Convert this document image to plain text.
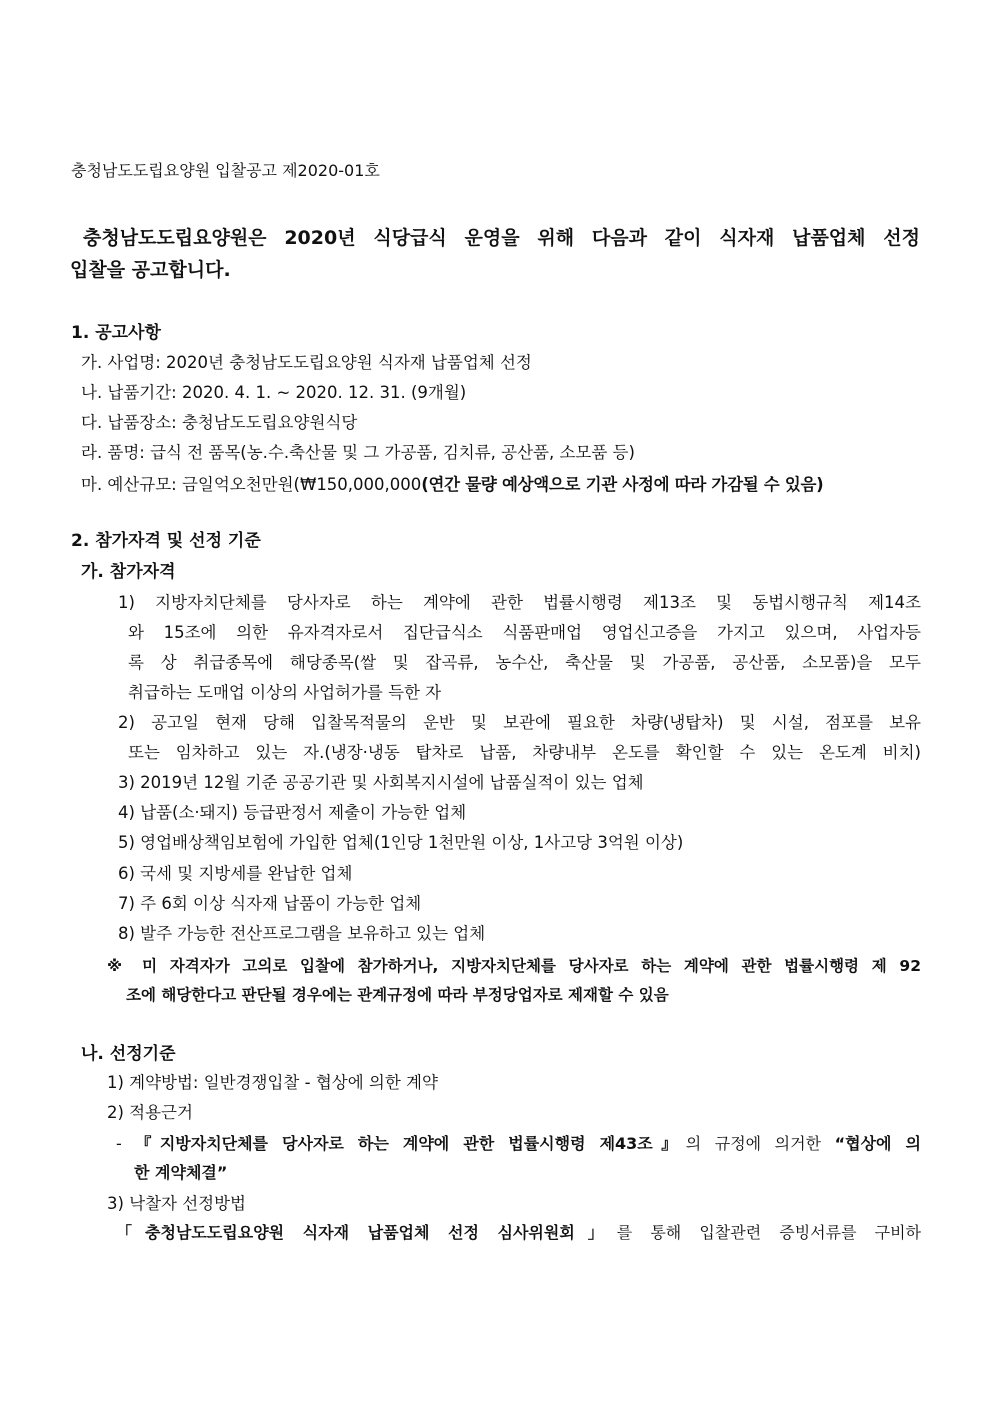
충청남도도립요양원 입찰공고 제2020-01호
충청남도도립요양원은 2020년 식당급식 운영을 위해 다음과 같이 식자재 납품업체 선정
입찰을 공고합니다.
1. 공고사항
가. 사업명: 2020년 충청남도도립요양원 식자재 납품업체 선정
나. 납품기간: 2020. 4. 1. ~ 2020. 12. 31. (9개월)
다. 납품장소: 충청남도도립요양원식당
라. 품명: 급식 전 품목(농.수.축산물 및 그 가공품, 김치류, 공산품, 소모품 등)
마. 예산규모: 금일억오천만원(₩150,000,000(연간 물량 예상액으로 기관 사정에 따라 가감될 수 있음)
2. 참가자격 및 선정 기준
가. 참가자격
1) 지방자치단체를 당사자로 하는 계약에 관한 법률시행령 제13조 및 동법시행규칙 제14조
와 15조에 의한 유자격자로서 집단급식소 식품판매업 영업신고증을 가지고 있으며, 사업자등
록 상 취급종목에 해당종목(쌀 및 잡곡류, 농수산, 축산물 및 가공품, 공산품, 소모품)을 모두
취급하는 도매업 이상의 사업허가를 득한 자
2) 공고일 현재 당해 입찰목적물의 운반 및 보관에 필요한 차량(냉탑차) 및 시설, 점포를 보유
또는 임차하고 있는 자.(냉장·냉동 탑차로 납품, 차량내부 온도를 확인할 수 있는 온도계 비치)
3) 2019년 12월 기준 공공기관 및 사회복지시설에 납품실적이 있는 업체
4) 납품(소·돼지) 등급판정서 제출이 가능한 업체
5) 영업배상책임보험에 가입한 업체(1인당 1천만원 이상, 1사고당 3억원 이상)
6) 국세 및 지방세를 완납한 업체
7) 주 6회 이상 식자재 납품이 가능한 업체
8) 발주 가능한 전산프로그램을 보유하고 있는 업체
※ 미 자격자가 고의로 입찰에 참가하거나, 지방자치단체를 당사자로 하는 계약에 관한 법률시행령 제 92
조에 해당한다고 판단될 경우에는 관계규정에 따라 부정당업자로 제재할 수 있음
나. 선정기준
1) 계약방법: 일반경쟁입찰 - 협상에 의한 계약
2) 적용근거
- 『지방자치단체를 당사자로 하는 계약에 관한 법률시행령 제43조』의 규정에 의거한 “협상에 의
한 계약체결”
3) 낙찰자 선정방법
「충청남도도립요양원 식자재 납품업체 선정 심사위원회」를 통해 입찰관련 증빙서류를 구비하
